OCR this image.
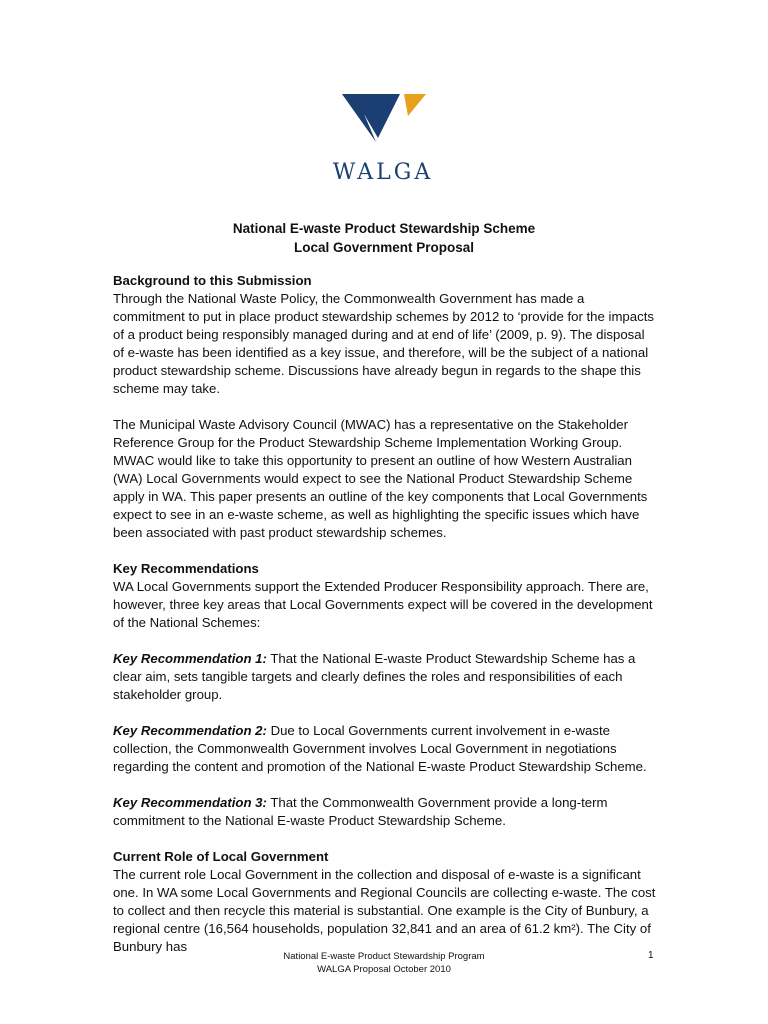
WALGA
National E-waste Product Stewardship Scheme
Local Government Proposal

Background to this Submission

Through the National Waste Policy, the Commonwealth Government has made a commitment to put in place product stewardship schemes by 2012 to ‘provide for the impacts of a product being responsibly managed during and at end of life’ (2009, p. 9). The disposal of e-waste has been identified as a key issue, and therefore, will be the subject of a national product stewardship scheme. Discussions have already begun in regards to the shape this scheme may take.

The Municipal Waste Advisory Council (MWAC) has a representative on the Stakeholder Reference Group for the Product Stewardship Scheme Implementation Working Group. MWAC would like to take this opportunity to present an outline of how Western Australian (WA) Local Governments would expect to see the National Product Stewardship Scheme apply in WA. This paper presents an outline of the key components that Local Governments expect to see in an e-waste scheme, as well as highlighting the specific issues which have been associated with past product stewardship schemes.

Key Recommendations

WA Local Governments support the Extended Producer Responsibility approach. There are, however, three key areas that Local Governments expect will be covered in the development of the National Schemes:

Key Recommendation 1: That the National E-waste Product Stewardship Scheme has a clear aim, sets tangible targets and clearly defines the roles and responsibilities of each stakeholder group.

Key Recommendation 2: Due to Local Governments current involvement in e-waste collection, the Commonwealth Government involves Local Government in negotiations regarding the content and promotion of the National E-waste Product Stewardship Scheme.

Key Recommendation 3: That the Commonwealth Government provide a long-term commitment to the National E-waste Product Stewardship Scheme.

Current Role of Local Government

The current role Local Government in the collection and disposal of e-waste is a significant one. In WA some Local Governments and Regional Councils are collecting e-waste. The cost to collect and then recycle this material is substantial. One example is the City of Bunbury, a regional centre (16,564 households, population 32,841 and an area of 61.2 km²). The City of Bunbury has

National E-waste Product Stewardship Program
WALGA Proposal October 2010
1
